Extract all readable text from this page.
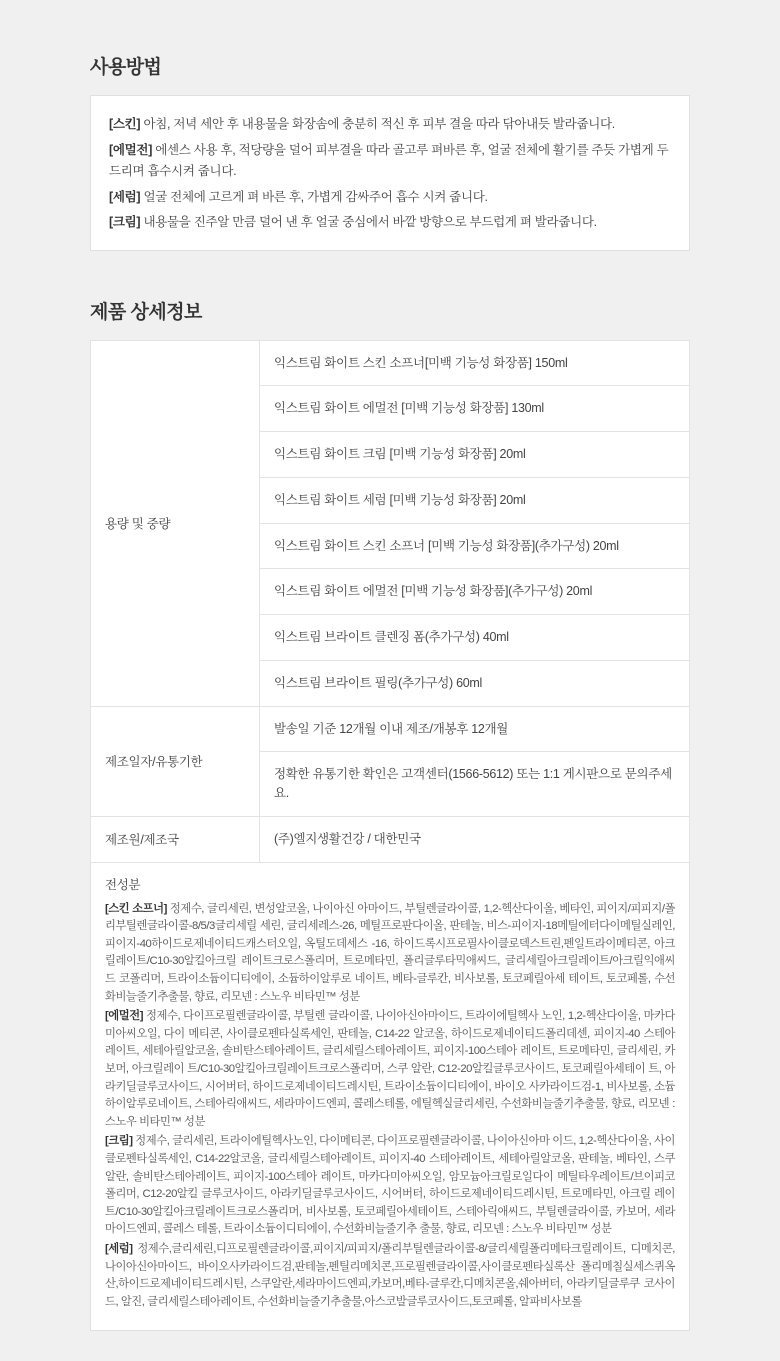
사용방법

[스킨] 아침, 저녁 세안 후 내용물을 화장솜에 충분히 적신 후 피부 결을 따라 닦아내듯 발라줍니다.

[에멀전] 에센스 사용 후, 적당량을 덜어 피부결을 따라 골고루 펴바른 후, 얼굴 전체에 활기를 주듯 가볍게 두드리며 흡수시켜 줍니다.

[세럼] 얼굴 전체에 고르게 펴 바른 후, 가볍게 감싸주어 흡수 시켜 줍니다.

[크림] 내용물을 진주알 만큼 덜어 낸 후 얼굴 중심에서 바깥 방향으로 부드럽게 펴 발라줍니다.

제품 상세정보
용량 및 중량	익스트림 화이트 스킨 소프너[미백 기능성 화장품] 150ml
	익스트림 화이트 에멀전 [미백 기능성 화장품] 130ml
	익스트림 화이트 크림 [미백 기능성 화장품] 20ml
	익스트림 화이트 세럼 [미백 기능성 화장품] 20ml
	익스트림 화이트 스킨 소프너 [미백 기능성 화장품](추가구성) 20ml
	익스트림 화이트 에멀전 [미백 기능성 화장품](추가구성) 20ml
	익스트림 브라이트 클렌징 폼(추가구성) 40ml
	익스트림 브라이트 필링(추가구성) 60ml
제조일자/유통기한	발송일 기준 12개월 이내 제조/개봉후 12개월
	정확한 유통기한 확인은 고객센터(1566-5612) 또는 1:1 게시판으로 문의주세요.
제조원/제조국	(주)엘지생활건강 / 대한민국
전성분

[스킨 소프너] 정제수, 글리세린, 변성알코올, 나이아신 아마이드, 부틸렌글라이콜, 1,2-헥산다이올, 베타인, 피이지/피피지/폴리부틸렌글라이콜-8/5/3글리세릴 세린, 글리세레스-26, 메틸프로판다이올, 판테놀, 비스-피이지-18메틸에터다이메틸실레인, 피이지-40하이드로제네이티드캐스터오일, 옥틸도데세스 -16, 하이드록시프로필사이클로덱스트린,펜일트라이메티콘, 아크릴레이트/C10-30알킬아크릴 레이트크로스폴리머, 트로메타민, 폴리글루타믹애씨드, 글리세릴아크릴레이트/아크릴익애씨드 코폴리머, 트라이소듐이디티에이, 소듐하이알루로 네이트, 베타-글루칸, 비사보롤, 토코페릴아세 테이트, 토코페롤, 수선화비늘줄기추출물, 향료, 리모넨 : 스노우 비타민™ 성분

[에멀전] 정제수, 다이프로필렌글라이콜, 부틸렌 글라이콜, 나이아신아마이드, 트라이에틸헥사 노인, 1,2-헥산다이올, 마카다미아씨오일, 다이 메티콘, 사이클로펜타실록세인, 판테놀, C14-22 알코올, 하이드로제네이티드폴리데센, 피이지-40 스테아레이트, 세테아릴알코올, 솔비탄스테아레이트, 글리세릴스테아레이트, 피이지-100스테아 레이트, 트로메타민, 글리세린, 카보머, 아크릴레이 트/C10-30알킬아크릴레이트크로스폴리머, 스쿠 알란, C12-20알킬글루코사이드, 토코페릴아세테이 트, 아라키딜글루코사이드, 시어버터, 하이드로제네이티드레시틴, 트라이소듐이디티에이, 바이오 사카라이드검-1, 비사보롤, 소듐하이알루로네이트, 스테아릭애씨드, 세라마이드엔피, 콜레스테롤, 에틸헥실글리세린, 수선화비늘줄기추출물, 향료, 리모넨 : 스노우 비타민™ 성분

[크림] 정제수, 글리세린, 트라이에틸헥사노인, 다이메티콘, 다이프로필렌글라이콜, 나이아신아마 이드, 1,2-헥산다이올, 사이클로펜타실록세인, C14-22알코올, 글리세릴스테아레이트, 피이지-40 스테아레이트, 세테아릴알코올, 판테놀, 베타인, 스쿠알란, 솔비탄스테아레이트, 피이지-100스테아 레이트, 마카다미아씨오일, 암모늄아크릴로일다이 메틸타우레이트/브이피코폴리머, C12-20알킬 글루코사이드, 아라키딜글루코사이드, 시어버터, 하이드로제네이티드레시틴, 트로메타민, 아크릴 레이트/C10-30알킬아크릴레이트크로스폴리머, 비사보롤, 토코페릴아세테이트, 스테아릭애씨드, 부틸렌글라이콜, 카보머, 세라마이드엔피, 콜레스 테롤, 트라이소듐이디티에이, 수선화비늘줄기추 출물, 향료, 리모넨 : 스노우 비타민™ 성분

[세럼] 정제수,글리세린,디프로필렌글라이콜,피이지/피피지/폴리부틸렌글라이콜-8/글리세릴폴리메타크릴레이트, 디메치콘, 나이아신아마이드, 바이오사카라이드검,판테놀,펜틸리메치콘,프로필렌글라이콜,사이클로펜타실록산 폴리메칠실세스퀴옥산,하이드로제네이티드레시틴, 스쿠알란,세라마이드엔피,카보머,베타-글루칸,디메치콘올,쉐아버터, 아라키딜글루쿠 코사이드, 알진, 글리세릴스테아레이트, 수선화비늘줄기추출물,아스코발글루코사이드,토코페롤, 알파비사보롤
